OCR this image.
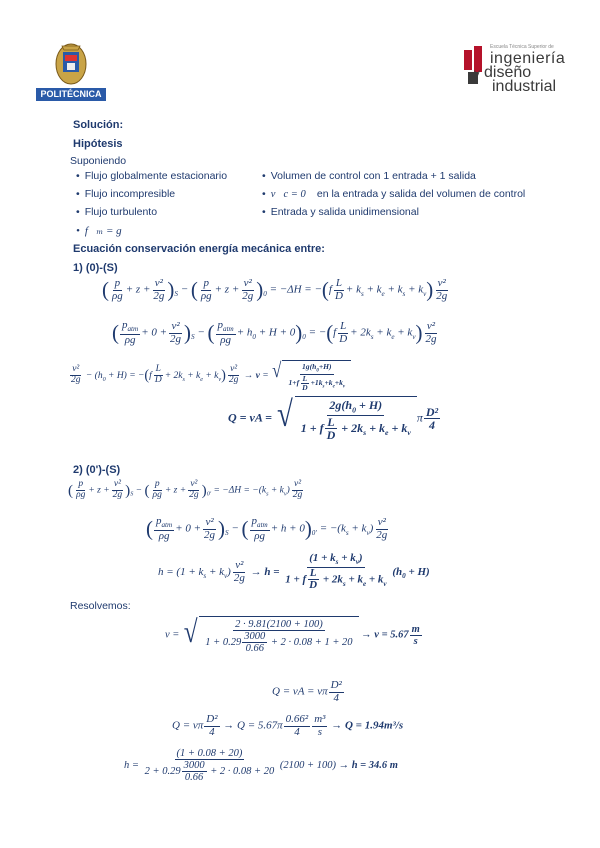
POLITÉCNICA
Escuela Técnica Superior de
ingeniería
y diseño
industrial
Solución:
Hipótesis
Suponiendo
• Flujo globalmente estacionario
• Flujo incompresible
• Flujo turbulento
• f⃗ₘ = g⃗
• Volumen de control con 1 entrada + 1 salida
• v⃗c = 0⃗ en la entrada y salida del volumen de control
• Entrada y salida unidimensional
Ecuación conservación energía mecánica entre:
1) (0)-(S)
( $\frac{p}{\rho g} + z + \frac{\text{v²}}{2g} )_S$ − ( $\frac{p}{\rho g} + z + \frac{\text{v²}}{2g} )_0 = -\Delta H = -(f \frac{L}{D} + k_s + k_e + k_s + k_v) \frac{\text{v²}}{2g}$
( $\frac{p_{atm}}{\rho g} + 0 + \frac{\text{v²}}{2g} )_S$ − ( $\frac{p_{atm}}{\rho g} + h_0 + H + 0)_0 = -(f \frac{L}{D} + 2k_s + k_e + k_v) \frac{\text{v²}}{2g}$
$\frac{\text{v²}}{2g} - (h_0 + H) = -(f \frac{L}{D} + 2k_s + k_e + k_v) \frac{\text{v²}}{2g} \to v$ = √ $\frac{1g(h_0+H)}{1+f \frac{L}{D} +1k_s+k_e+k_v}$
Q = vA = √ $\frac{2g(h_0 + H)}{1 + f \frac{L}{D} + 2k_s + k_e + k_v}$ π $\frac{\text{D²}}{4}$
2) (0')-(S)
( $\frac{p}{\rho g} + z + \frac{\text{v²}}{2g} )_S$ − ( $\frac{p}{\rho g} + z + \frac{\text{v²}}{2g} )_{0'} = -\Delta H = -(k_s + k_v) \frac{\text{v²}}{2g}$
( $\frac{p_{atm}}{\rho g} + 0 + \frac{\text{v²}}{2g} )_S$ − ( $\frac{p_{atm}}{\rho g} + h + 0)_{0'} = -(k_s + k_v) \frac{\text{v²}}{2g}$
$h = (1 + k_s + k_v) \frac{\text{v²}}{2g} \to h = \frac{(1 + k_s + k_v)}{1 + f \frac{L}{D} + 2k_s + k_e + k_v} (h_0 + H)$
Resolvemos:
v = √ $\frac{2 \cdot 9.81(2100 + 100)}{1 + 0.29 \frac{3000}{0.66} + 2 \cdot 0.08 + 1 + 20} \to v = 5.67 \frac{m}{s}$
Q = vA = vπ $\frac{\text{D²}}{4}$
Q = vπ $\frac{\text{D²}}{4} \to Q = 5.67\pi \frac{\text{0.66²}}{4} \frac{\text{m³}}{s} \to Q = 1.94m^3/s$
$h = \frac{(1 + 0.08 + 20)}{2 + 0.29 \frac{3000}{0.66} + 2 \cdot 0.08 + 20} (2100 + 100) \to h = 34.6$ m
